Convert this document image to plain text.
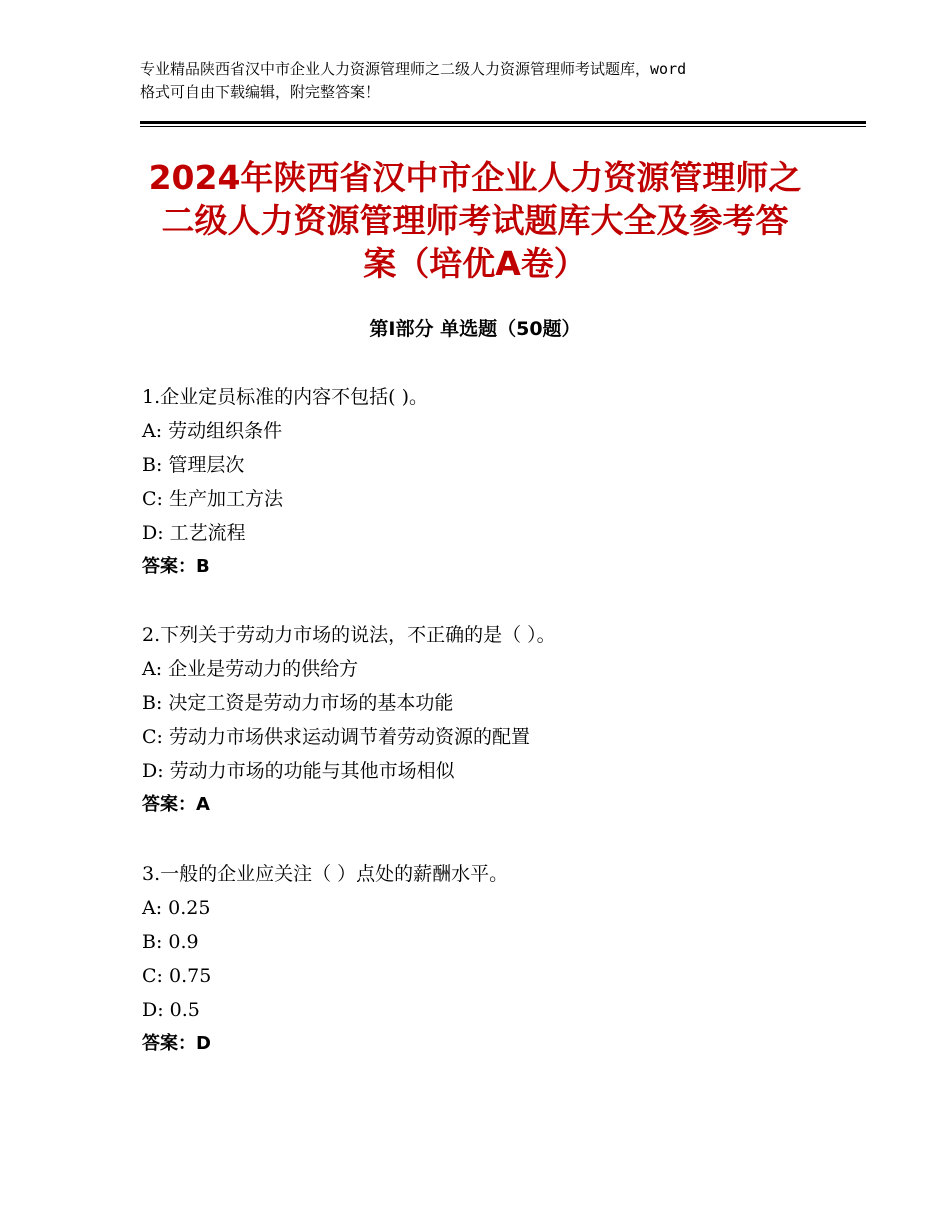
专业精品陕西省汉中市企业人力资源管理师之二级人力资源管理师考试题库，word
格式可自由下载编辑，附完整答案！
2024年陕西省汉中市企业人力资源管理师之
二级人力资源管理师考试题库大全及参考答
案（培优A卷）
第Ⅰ部分 单选题（50题）
1.企业定员标准的内容不包括( )。
A: 劳动组织条件
B: 管理层次
C: 生产加工方法
D: 工艺流程
答案：B
2.下列关于劳动力市场的说法，不正确的是（ ）。
A: 企业是劳动力的供给方
B: 决定工资是劳动力市场的基本功能
C: 劳动力市场供求运动调节着劳动资源的配置
D: 劳动力市场的功能与其他市场相似
答案：A
3.一般的企业应关注（ ）点处的薪酬水平。
A: 0.25
B: 0.9
C: 0.75
D: 0.5
答案：D
